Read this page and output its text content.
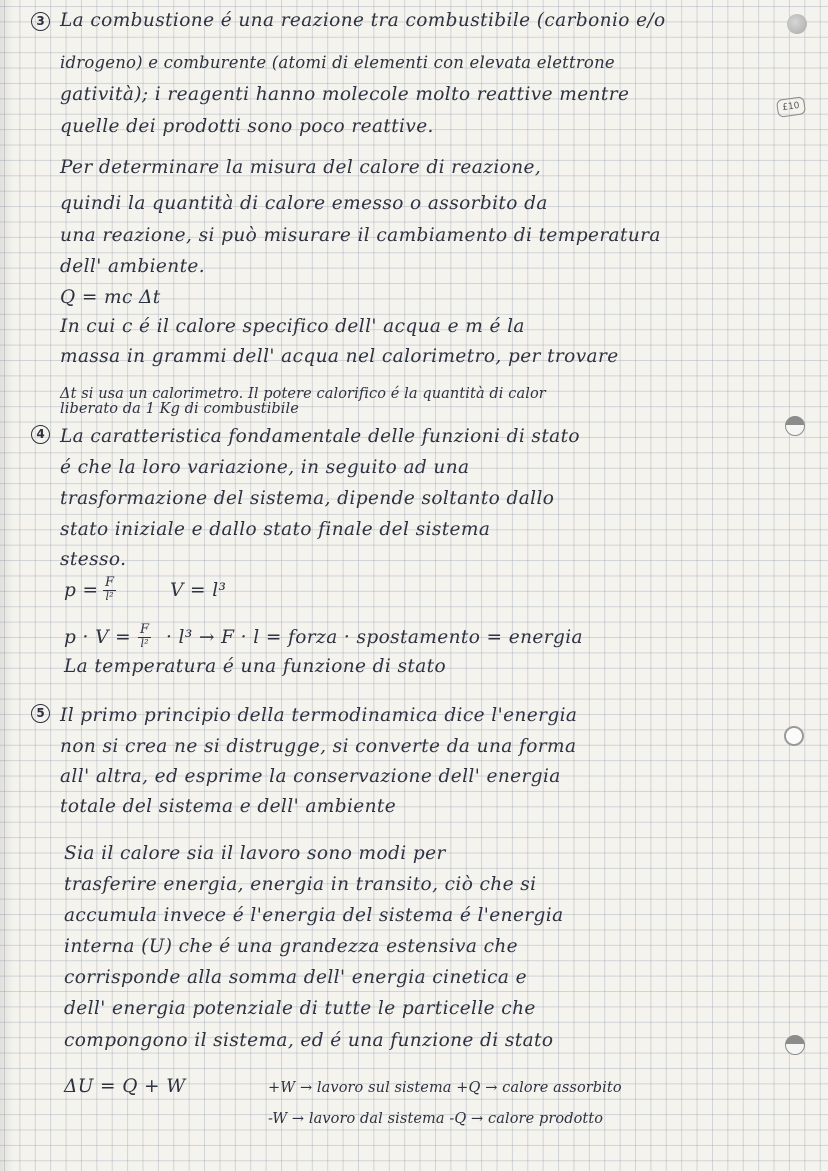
£10
3
4
5
La combustione é una reazione tra combustibile (carbonio e/o
idrogeno) e comburente (atomi di elementi con elevata elettrone
gatività); i reagenti hanno molecole molto reattive mentre
quelle dei prodotti sono poco reattive.
Per determinare la misura del calore di reazione,
quindi la quantità di calore emesso o assorbito da
una reazione, si può misurare il cambiamento di temperatura
dell' ambiente.
Q = mc Δt
In cui c é il calore specifico dell' acqua e m é la
massa in grammi dell' acqua nel calorimetro, per trovare
Δt si usa un calorimetro. Il potere calorifico é la quantità di calor
liberato da 1 Kg di combustibile
La caratteristica fondamentale delle funzioni di stato
é che la loro variazione, in seguito ad una
trasformazione del sistema, dipende soltanto dallo
stato iniziale e dallo stato finale del sistema
stesso.
p = F
l²	V = l³
p · V = F
l² · l³ → F · l = forza · spostamento = energia
La temperatura é una funzione di stato
Il primo principio della termodinamica dice l'energia
non si crea ne si distrugge, si converte da una forma
all' altra, ed esprime la conservazione dell' energia
totale del sistema e dell' ambiente
Sia il calore sia il lavoro sono modi per
trasferire energia, energia in transito, ciò che si
accumula invece é l'energia del sistema é l'energia
interna (U) che é una grandezza estensiva che
corrisponde alla somma dell' energia cinetica e
dell' energia potenziale di tutte le particelle che
compongono il sistema, ed é una funzione di stato
ΔU = Q + W	+W → lavoro sul sistema +Q → calore assorbito
-W → lavoro dal sistema -Q → calore prodotto
